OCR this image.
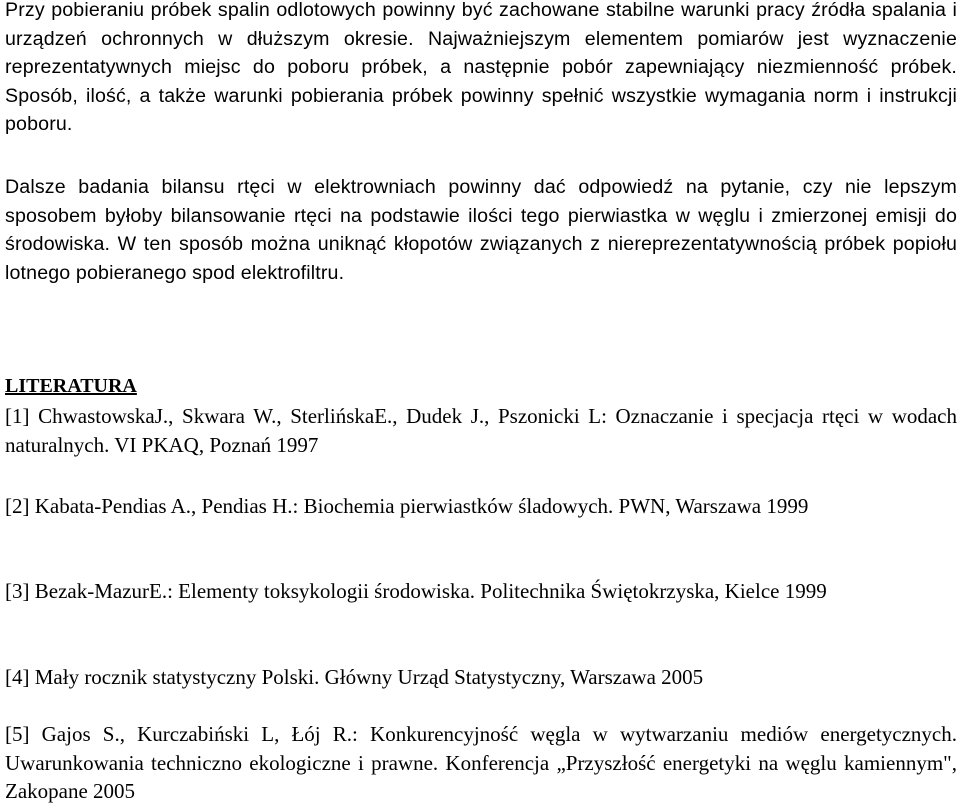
Przy pobieraniu próbek spalin odlotowych powinny być zachowane stabilne warunki pracy źródła spalania i urządzeń ochronnych w dłuższym okresie. Najważniejszym elementem pomiarów jest wyznaczenie reprezentatywnych miejsc do poboru próbek, a następnie pobór zapewniający niezmienność próbek. Sposób, ilość, a także warunki pobierania próbek powinny spełnić wszystkie wymagania norm i instrukcji poboru.

Dalsze badania bilansu rtęci w elektrowniach powinny dać odpowiedź na pytanie, czy nie lepszym sposobem byłoby bilansowanie rtęci na podstawie ilości tego pierwiastka w węglu i zmierzonej emisji do środowiska. W ten sposób można uniknąć kłopotów związanych z niereprezentatywnością próbek popiołu lotnego pobieranego spod elektrofiltru.

LITERATURA

[1] ChwastowskaJ., Skwara W., SterlińskaE., Dudek J., Pszonicki L: Oznaczanie i specjacja rtęci w wodach naturalnych. VI PKAQ, Poznań 1997

[2] Kabata-Pendias A., Pendias H.: Biochemia pierwiastków śladowych. PWN, Warszawa 1999

[3] Bezak-MazurE.: Elementy toksykologii środowiska. Politechnika Świętokrzyska, Kielce 1999

[4] Mały rocznik statystyczny Polski. Główny Urząd Statystyczny, Warszawa 2005

[5] Gajos S., Kurczabiński L, Łój R.: Konkurencyjność węgla w wytwarzaniu mediów energetycznych. Uwarunkowania techniczno ekologiczne i prawne. Konferencja „Przyszłość energetyki na węglu kamiennym", Zakopane 2005
